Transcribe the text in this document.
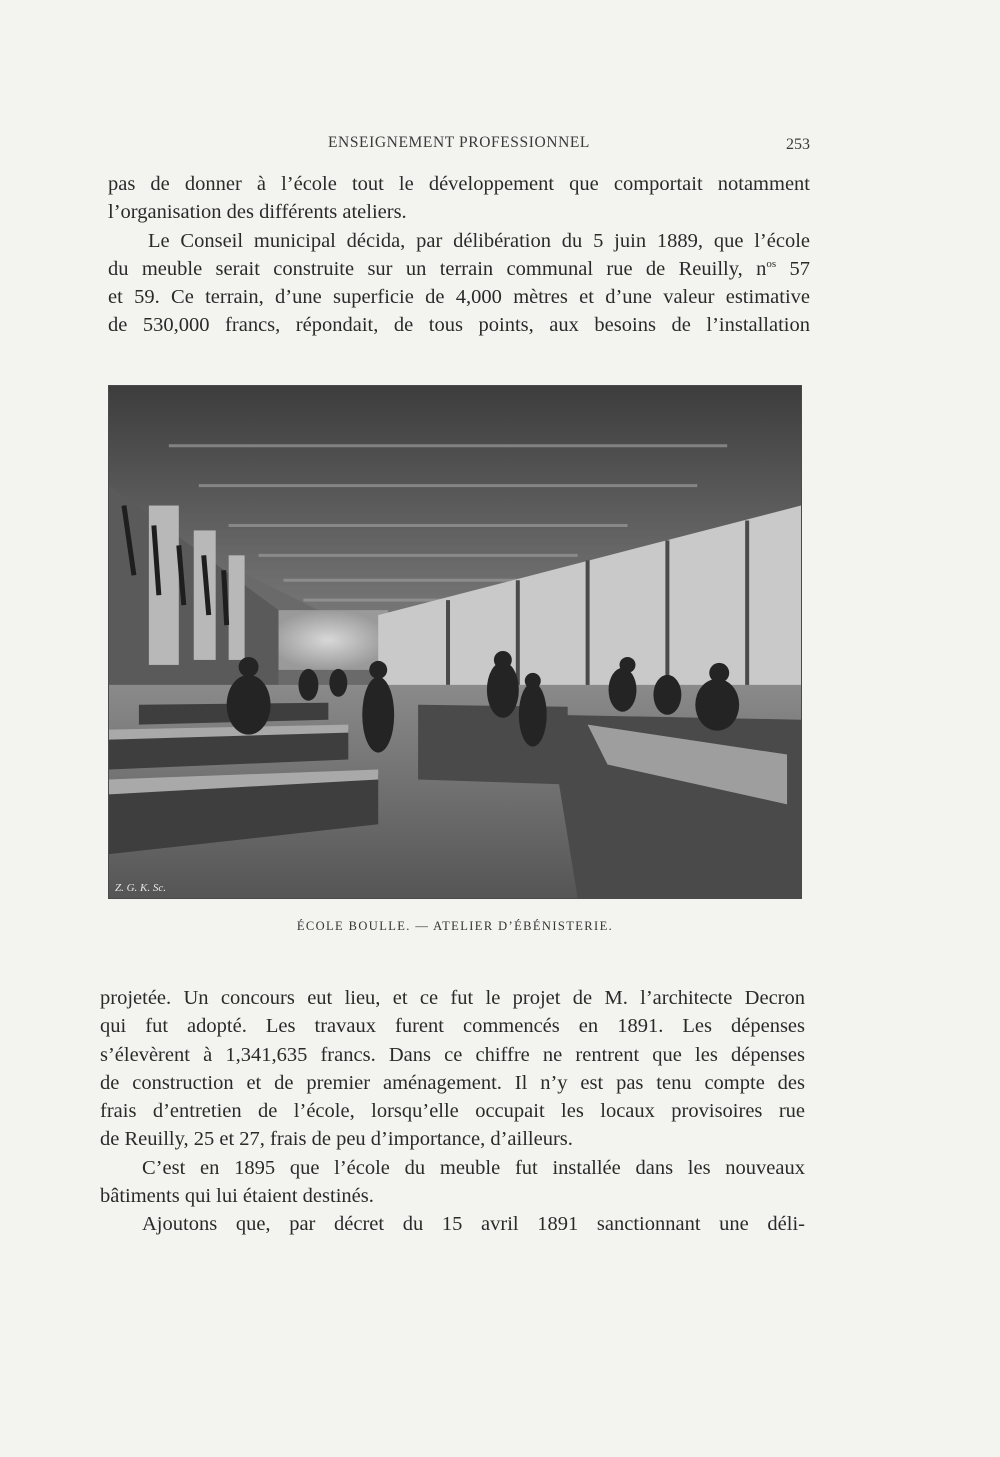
ENSEIGNEMENT PROFESSIONNEL	253
pas de donner à l’école tout le développement que comportait notamment
l’organisation des différents ateliers.
Le Conseil municipal décida, par délibération du 5 juin 1889, que l’école
du meuble serait construite sur un terrain communal rue de Reuilly, $n^{os}$ 57
et 59. Ce terrain, d’une superficie de 4,000 mètres et d’une valeur estimative
de 530,000 francs, répondait, de tous points, aux besoins de l’installation
Z. G. K. Sc.
ÉCOLE BOULLE. — ATELIER D’ÉBÉNISTERIE.
projetée. Un concours eut lieu, et ce fut le projet de M. l’architecte Decron
qui fut adopté. Les travaux furent commencés en 1891. Les dépenses
s’élevèrent à 1,341,635 francs. Dans ce chiffre ne rentrent que les dépenses
de construction et de premier aménagement. Il n’y est pas tenu compte des
frais d’entretien de l’école, lorsqu’elle occupait les locaux provisoires rue
de Reuilly, 25 et 27, frais de peu d’importance, d’ailleurs.
C’est en 1895 que l’école du meuble fut installée dans les nouveaux
bâtiments qui lui étaient destinés.
Ajoutons que, par décret du 15 avril 1891 sanctionnant une déli-
